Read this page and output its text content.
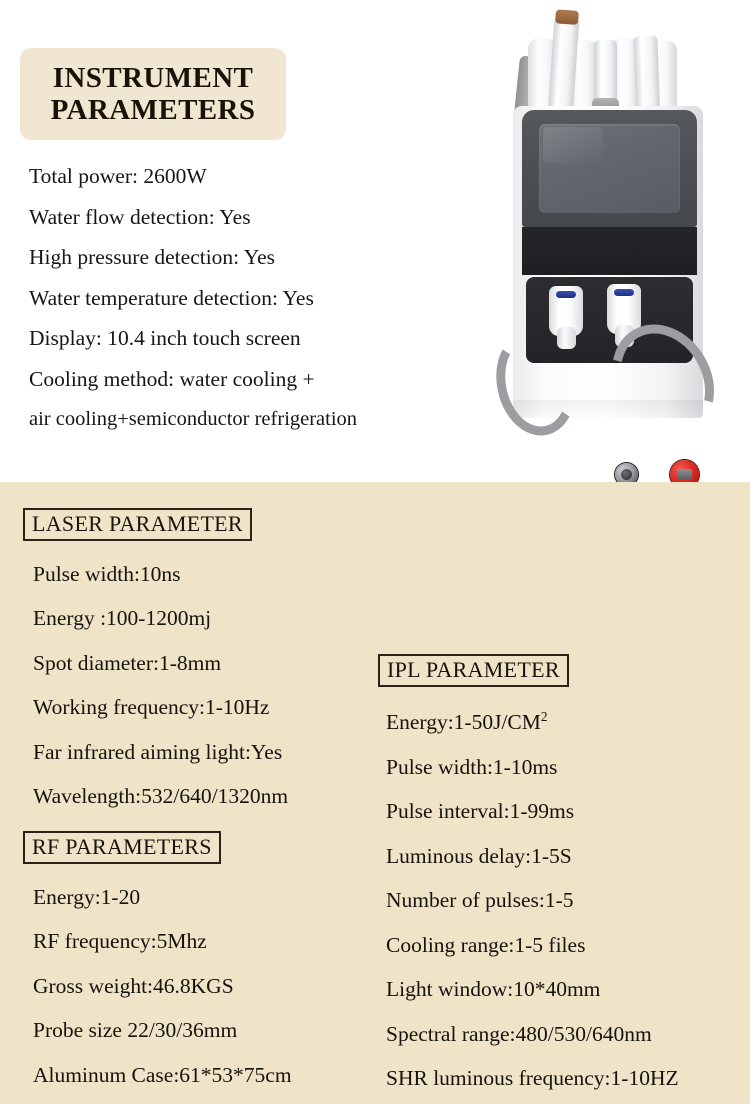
INSTRUMENT
PARAMETERS
Total power: 2600W
Water flow detection: Yes
High pressure detection: Yes
Water temperature detection: Yes
Display: 10.4 inch touch screen
Cooling method: water cooling +
air cooling+semiconductor refrigeration
LASER PARAMETER
Pulse width:10ns
Energy :100-1200mj
Spot diameter:1-8mm
Working frequency:1-10Hz
Far infrared aiming light:Yes
Wavelength:532/640/1320nm
RF PARAMETERS
Energy:1-20
RF frequency:5Mhz
Gross weight:46.8KGS
Probe size 22/30/36mm
Aluminum Case:61*53*75cm
IPL PARAMETER
$Energy:1-50J/CM^2$
Pulse width:1-10ms
Pulse interval:1-99ms
Luminous delay:1-5S
Number of pulses:1-5
Cooling range:1-5 files
Light window:10*40mm
Spectral range:480/530/640nm
SHR luminous frequency:1-10HZ
